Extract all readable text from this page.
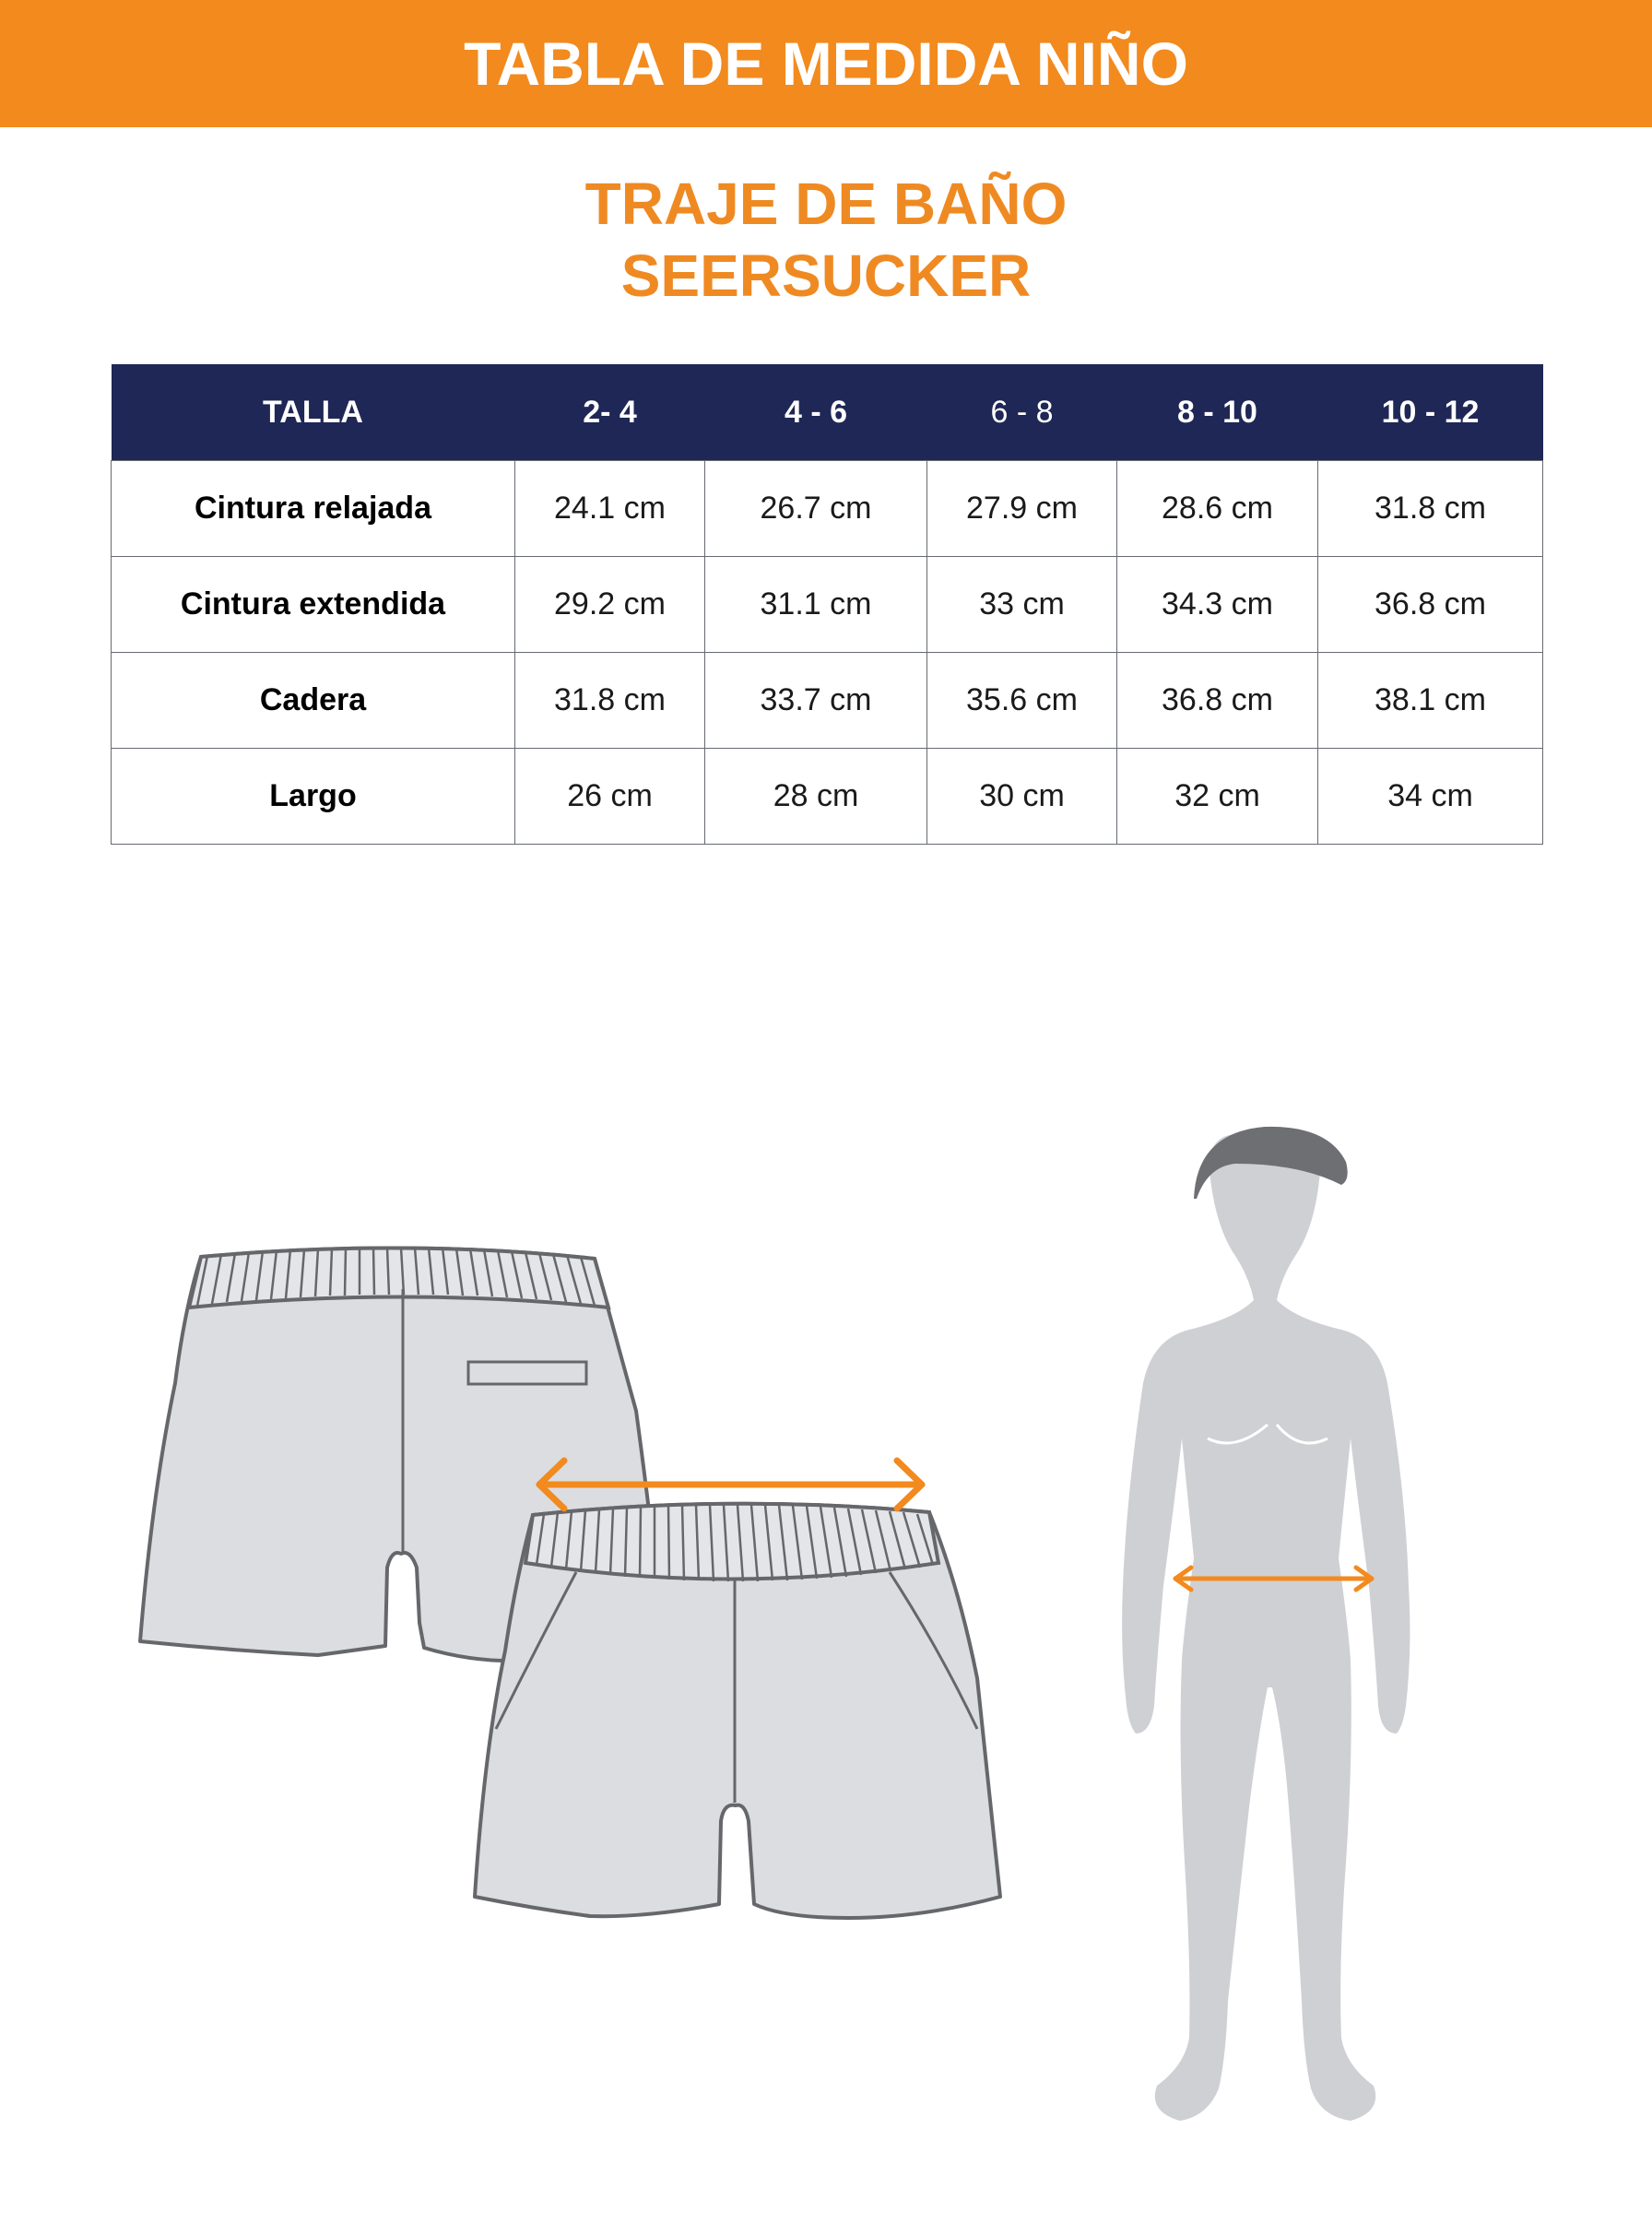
TABLA DE MEDIDA NIÑO
TRAJE DE BAÑO
SEERSUCKER
TALLA	2- 4	4 - 6	6 - 8	8 - 10	10 - 12
Cintura relajada	24.1 cm	26.7 cm	27.9 cm	28.6 cm	31.8 cm
Cintura extendida	29.2 cm	31.1 cm	33 cm	34.3 cm	36.8 cm
Cadera	31.8 cm	33.7 cm	35.6 cm	36.8 cm	38.1 cm
Largo	26 cm	28 cm	30 cm	32 cm	34 cm
